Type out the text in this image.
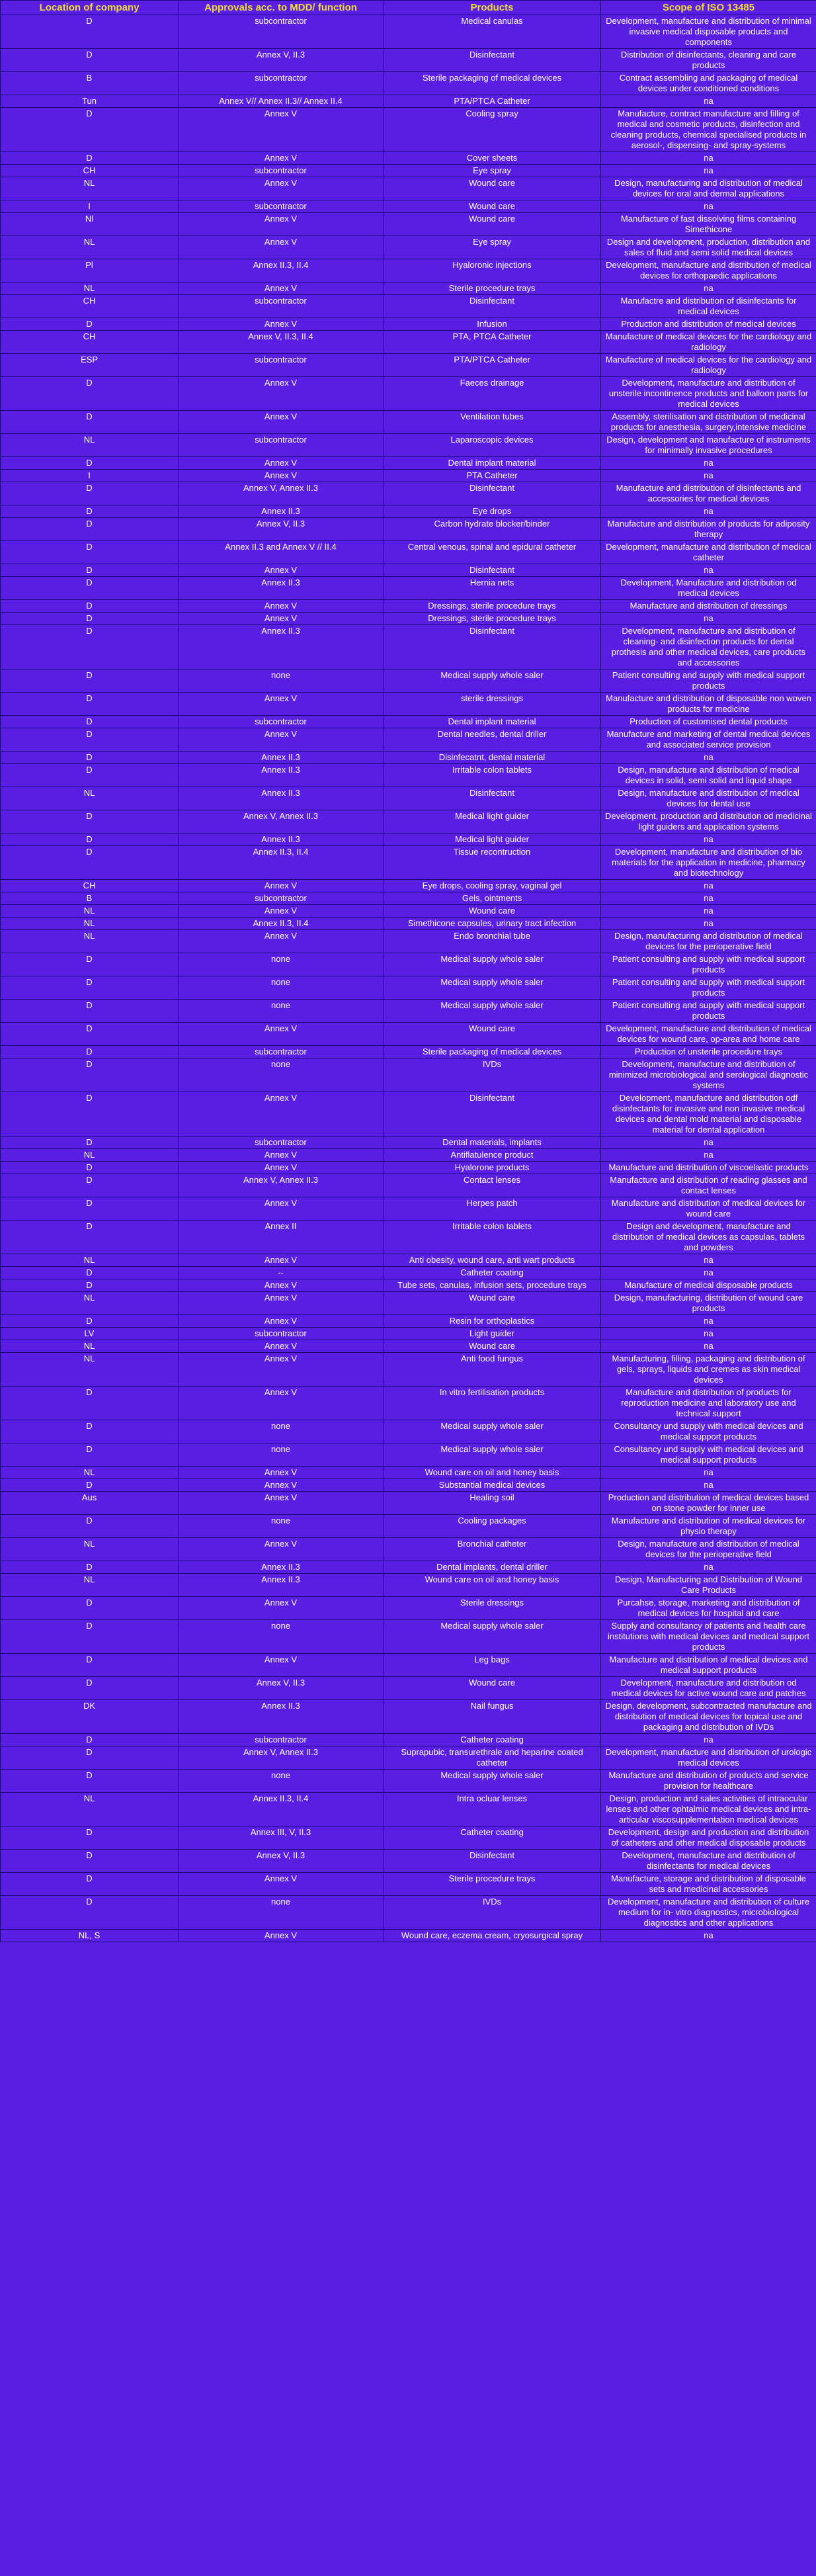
Location of company	Approvals acc. to MDD/ function	Products	Scope of ISO 13485
D	subcontractor	Medical canulas	Development, manufacture and distribution of minimal invasive medical disposable products and components
D	Annex V, II.3	Disinfectant	Distribution of disinfectants, cleaning and care products
B	subcontractor	Sterile packaging of medical devices	Contract assembling and packaging of medical devices under conditioned conditions
Tun	Annex V// Annex II.3// Annex II.4	PTA/PTCA Catheter	na
D	Annex V	Cooling spray	Manufacture, contract manufacture and filling of medical and cosmetic products, disinfection and cleaning products, chemical specialised products in aerosol-, dispensing- and spray-systems
D	Annex V	Cover sheets	na
CH	subcontractor	Eye spray	na
NL	Annex V	Wound care	Design, manufacturing and distribution of medical devices for oral and dermal applications
I	subcontractor	Wound care	na
Nl	Annex V	Wound care	Manufacture of fast dissolving films containing Simethicone
NL	Annex V	Eye spray	Design and development, production, distribution and sales of fluid and semi solid medical devices
Pl	Annex II.3, II.4	Hyaloronic injections	Development, manufacture and distribution of medical devices for orthopaedic applications
NL	Annex V	Sterile procedure trays	na
CH	subcontractor	Disinfectant	Manufactre and distribution of disinfectants for medical devices
D	Annex V	Infusion	Production and distribution of medical devices
CH	Annex V, II.3, II.4	PTA, PTCA Catheter	Manufacture of medical devices for the cardiology and radiology
ESP	subcontractor	PTA/PTCA Catheter	Manufacture of medical devices for the cardiology and radiology
D	Annex V	Faeces drainage	Development, manufacture and distribution of unsterile incontinence products and balloon parts for medical devices
D	Annex V	Ventilation tubes	Assembly, sterilisation and distribution of medicinal products for anesthesia, surgery,intensive medicine
NL	subcontractor	Laparoscopic devices	Design, development and manufacture of instruments for minimally invasive procedures
D	Annex V	Dental implant material	na
I	Annex V	PTA Catheter	na
D	Annex V, Annex II.3	Disinfectant	Manufacture and distribution of disinfectants and accessories for medical devices
D	Annex II.3	Eye drops	na
D	Annex V, II.3	Carbon hydrate blocker/binder	Manufacture and distribution of products for adiposity therapy
D	Annex II.3 and Annex V // II.4	Central venous, spinal and epidural catheter	Development, manufacture and distribution of medical catheter
D	Annex V	Disinfectant	na
D	Annex II.3	Hernia nets	Development, Manufacture and distribution od medical devices
D	Annex V	Dressings, sterile procedure trays	Manufacture and distribution of dressings
D	Annex V	Dressings, sterile procedure trays	na
D	Annex II.3	Disinfectant	Development, manufacture and distribution of cleaning- and disinfection products for dental prothesis and other medical devices, care products and accessories
D	none	Medical supply whole saler	Patient consulting and supply with medical support products
D	Annex V	sterile dressings	Manufacture and distribution of disposable non woven products for medicine
D	subcontractor	Dental implant material	Production of customised dental products
D	Annex V	Dental needles, dental driller	Manufacture and marketing of dental medical devices and associated service provision
D	Annex II.3	Disinfecatnt, dental material	na
D	Annex II.3	Irritable colon tablets	Design, manufacture and distribution of medical devices in solid, semi solid and liquid shape
NL	Annex II.3	Disinfectant	Design, manufacture and distribution of medical devices for dental use
D	Annex V, Annex II.3	Medical light guider	Development, production and distribution od medicinal light guiders and application systems
D	Annex II.3	Medical light guider	na
D	Annex II.3, II.4	Tissue recontruction	Development, manufacture and distribution of bio materials for the application in medicine, pharmacy and biotechnology
CH	Annex V	Eye drops, cooling spray, vaginal gel	na
B	subcontractor	Gels, ointments	na
NL	Annex V	Wound care	na
NL	Annex II.3, II.4	Simethicone capsules, urinary tract infection	na
NL	Annex V	Endo bronchial tube	Design, manufacturing and distribution of medical devices for the perioperative field
D	none	Medical supply whole saler	Patient consulting and supply with medical support products
D	none	Medical supply whole saler	Patient consulting and supply with medical support products
D	none	Medical supply whole saler	Patient consulting and supply with medical support products
D	Annex V	Wound care	Development, manufacture and distribution of medical devices for wound care, op-area and home care
D	subcontractor	Sterile packaging of medical devices	Production of unsterile procedure trays
D	none	IVDs	Development, manufacture and distribution of minimized microbiological and serological diagnostic systems
D	Annex V	Disinfectant	Development, manufacture and distribution odf disinfectants for invasive and non invasive medical devices and dental mold material and disposable material for dental application
D	subcontractor	Dental materials, implants	na
NL	Annex V	Antiflatulence product	na
D	Annex V	Hyalorone products	Manufacture and distribution of viscoelastic products
D	Annex V, Annex II.3	Contact lenses	Manufacture and distribution of reading glasses and contact lenses
D	Annex V	Herpes patch	Manufacture and distribution of medical devices for wound care
D	Annex II	Irritable colon tablets	Design and development, manufacture and distribution of medical devices as capsulas, tablets and powders
NL	Annex V	Anti obesity, wound care, anti wart products	na
D	--	Catheter coating	na
D	Annex V	Tube sets, canulas, infusion sets, procedure trays	Manufacture of medical disposable products
NL	Annex V	Wound care	Design, manufacturing, distribution of wound care products
D	Annex V	Resin for orthoplastics	na
LV	subcontractor	Light guider	na
NL	Annex V	Wound care	na
NL	Annex V	Anti food fungus	Manufacturing, filling, packaging and distribution of gels, sprays, liquids and cremes as skin medical devices
D	Annex V	In vitro fertilisation products	Manufacture and distribution of products for reproduction medicine and laboratory use and technical support
D	none	Medical supply whole saler	Consultancy und supply with medical devices and medical support products
D	none	Medical supply whole saler	Consultancy und supply with medical devices and medical support products
NL	Annex V	Wound care on oil and honey basis	na
D	Annex V	Substantial medical devices	na
Aus	Annex V	Healing soil	Production and distribution of medical devices based on stone powder for inner use
D	none	Cooling packages	Manufacture and distribution of medical devices for physio therapy
NL	Annex V	Bronchial catheter	Design, manufacture and distribution of medical devices for the perioperative field
D	Annex II.3	Dental implants, dental driller	na
NL	Annex II.3	Wound care on oil and honey basis	Design, Manufacturing and Distribution of Wound Care Products
D	Annex V	Sterile dressings	Purcahse, storage, marketing and distribution of medical devices for hospital and care
D	none	Medical supply whole saler	Supply and consultancy of patients and health care institutions with medical devices and medical support products
D	Annex V	Leg bags	Manufacture and distribution of medical devices and medical support products
D	Annex V, II.3	Wound care	Development, manufacture and distribution od medical devices for active wound care and patches
DK	Annex II.3	Nail fungus	Design, development, subcontracted manufacture and distribution of medical devices for topical use and packaging and distribution of IVDs
D	subcontractor	Catheter coating	na
D	Annex V, Annex II.3	Suprapubic, transurethrale and heparine coated catheter	Development, manufacture and distribution of urologic medical devices
D	none	Medical supply whole saler	Manufacture and distribution of products and service provision for healthcare
NL	Annex II.3, II.4	Intra ocluar lenses	Design, production and sales activities of intraocular lenses and other ophtalmic medical devices and intra-articular viscosupplementation medical devices
D	Annex III, V, II.3	Catheter coating	Development, design and production and distribution of catheters and other medical disposable products
D	Annex V, II.3	Disinfectant	Development, manufacture and distribution of disinfectants for medical devices
D	Annex V	Sterile procedure trays	Manufacture, storage and distribution of disposable sets and medicinal accessories
D	none	IVDs	Development, manufacture and distribution of culture medium for in- vitro diagnostics, microbiological diagnostics and other applications
NL, S	Annex V	Wound care, eczema cream, cryosurgical spray	na
